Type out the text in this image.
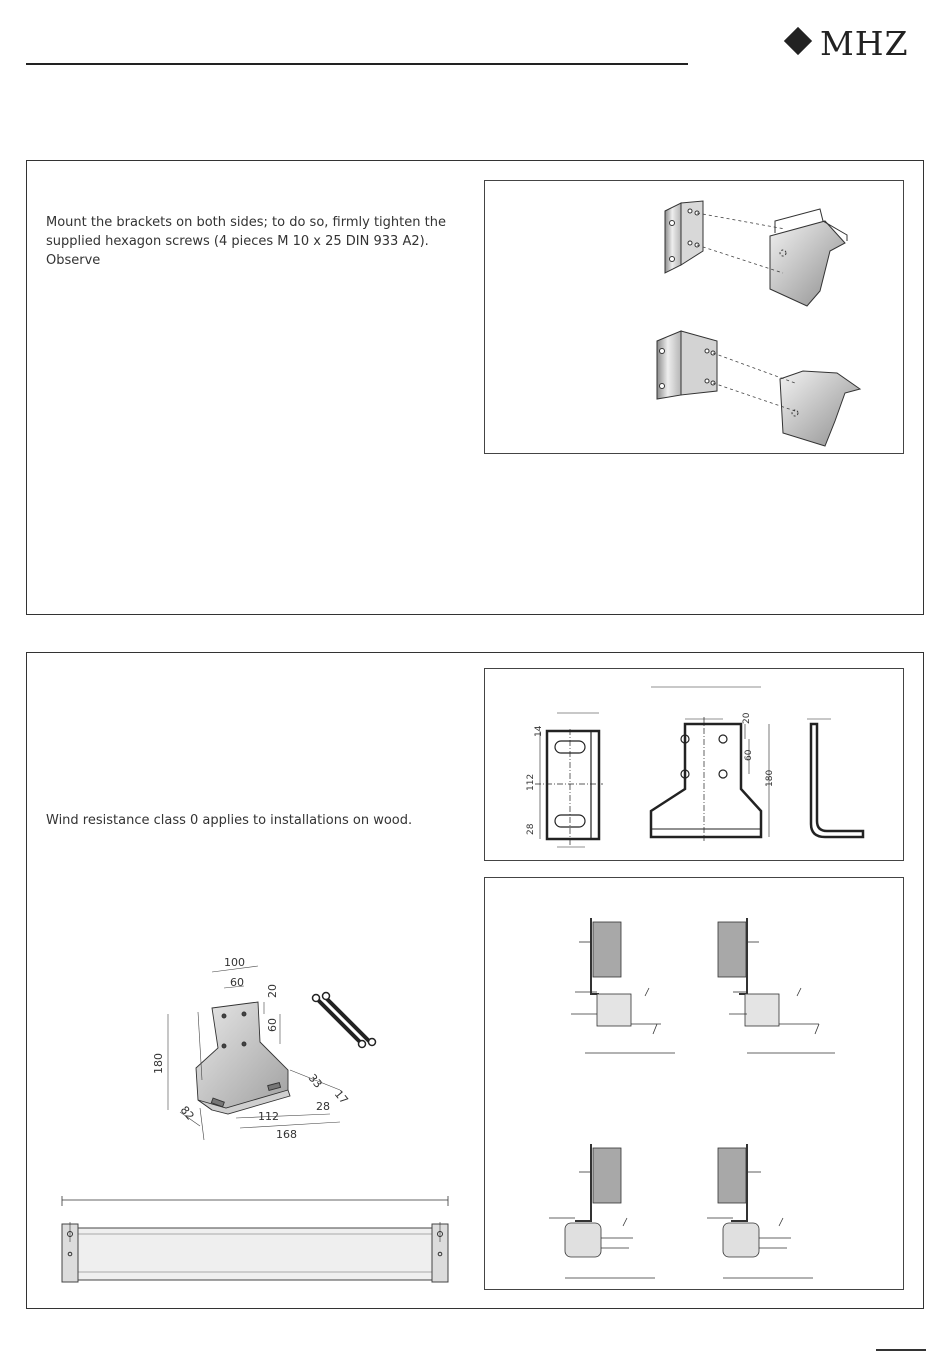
MHZ
Mount the brackets on both sides; to do so, firmly tighten the supplied hexagon screws (4 pieces M 10 x 25 DIN 933 A2). Observe
Wind resistance class 0 applies to installations on wood.
14
112
28
20
60
180
100
60
20
60
180
33
17
82	28
112
168
